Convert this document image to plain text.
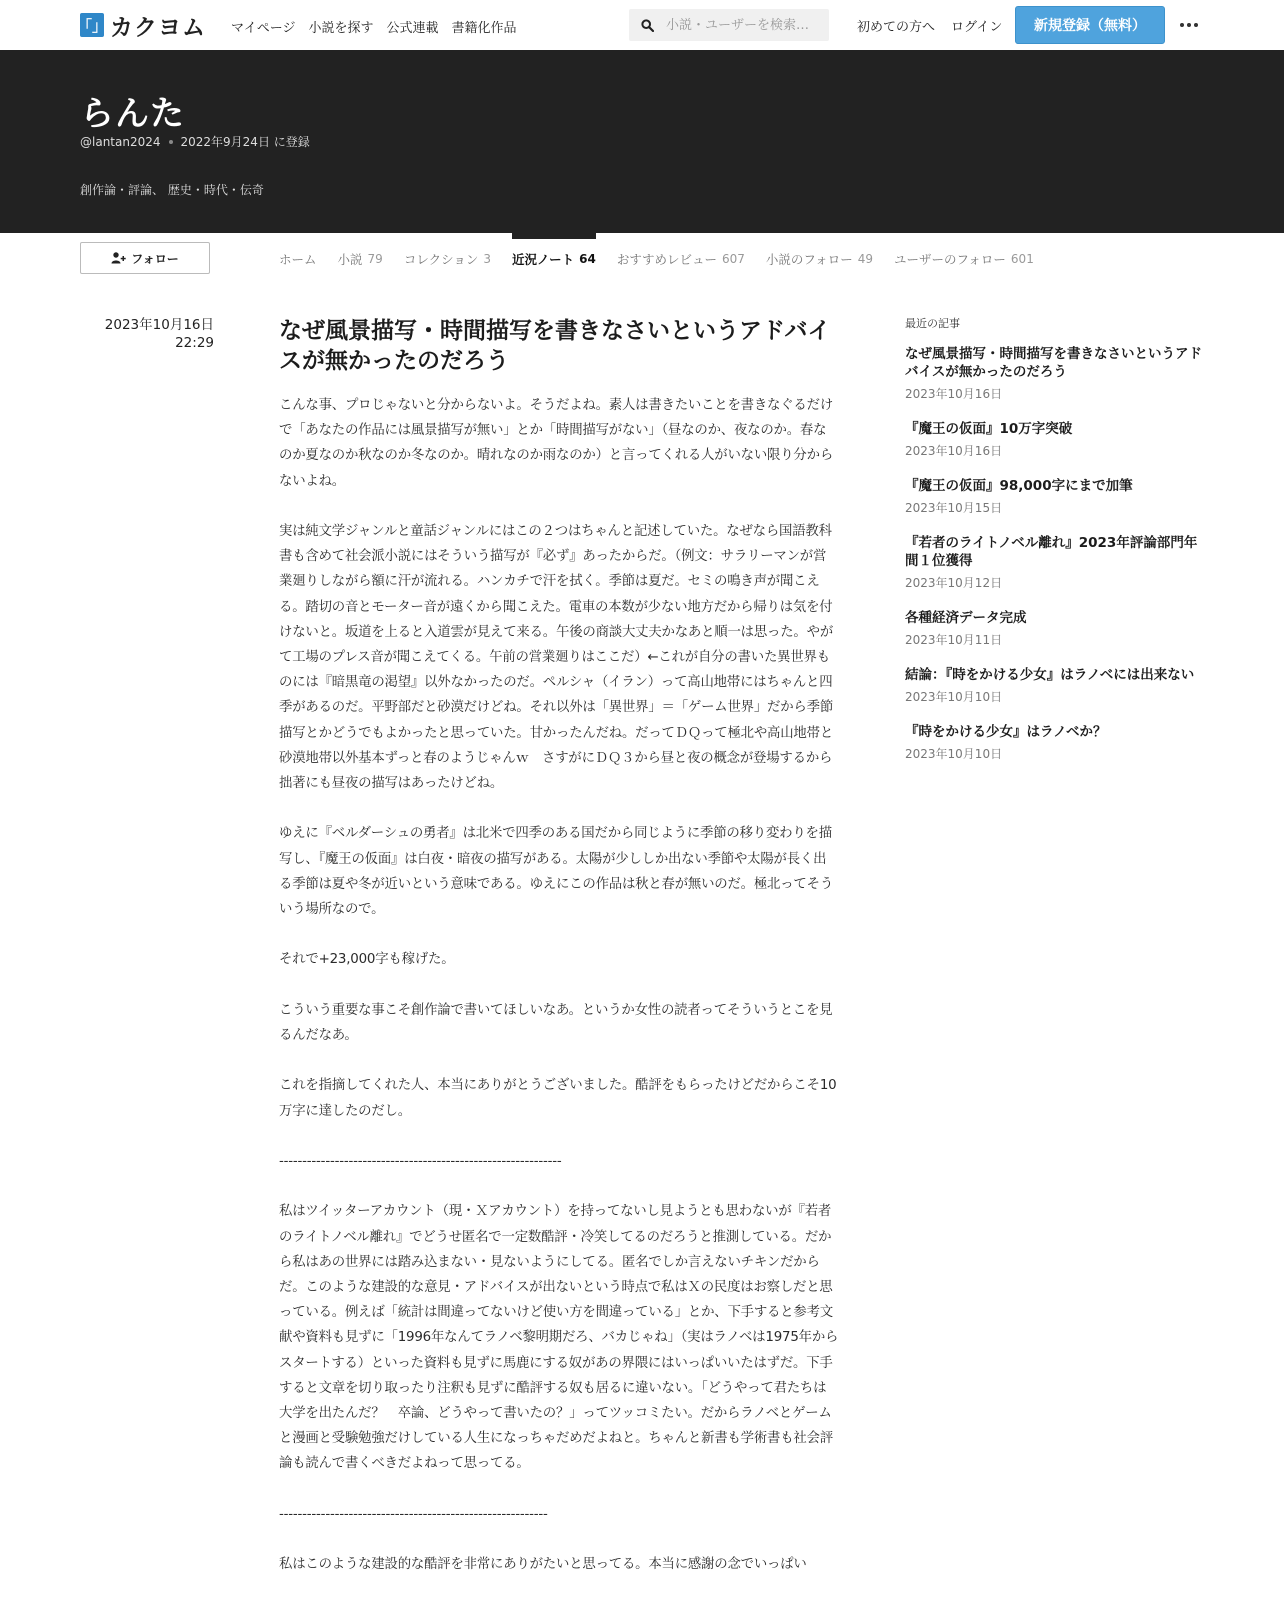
「」 カクヨム マイページ 小説を探す 公式連載 書籍化作品
小説・ユーザーを検索…	初めての方へ ログイン	新規登録（無料）
らんた
@lantan2024 2022年9月24日 に登録
創作論・評論、 歴史・時代・伝奇
フォロー	ホーム 小説 79 コレクション 3 近況ノート 64 おすすめレビュー 607 小説のフォロー 49 ユーザーのフォロー 601
2023年10月16日
22:29	なぜ風景描写・時間描写を書きなさいというアドバイスが無かったのだろう

こんな事、プロじゃないと分からないよ。そうだよね。素人は書きたいことを書きなぐるだけで「あなたの作品には風景描写が無い」とか「時間描写がない」（昼なのか、夜なのか。春なのか夏なのか秋なのか冬なのか。晴れなのか雨なのか）と言ってくれる人がいない限り分からないよね。

実は純文学ジャンルと童話ジャンルにはこの２つはちゃんと記述していた。なぜなら国語教科書も含めて社会派小説にはそういう描写が『必ず』あったからだ。（例文：サラリーマンが営業廻りしながら額に汗が流れる。ハンカチで汗を拭く。季節は夏だ。セミの鳴き声が聞こえる。踏切の音とモーター音が遠くから聞こえた。電車の本数が少ない地方だから帰りは気を付けないと。坂道を上ると入道雲が見えて来る。午後の商談大丈夫かなあと順一は思った。やがて工場のプレス音が聞こえてくる。午前の営業廻りはここだ）←これが自分の書いた異世界ものには『暗黒竜の渇望』以外なかったのだ。ペルシャ（イラン）って高山地帯にはちゃんと四季があるのだ。平野部だと砂漠だけどね。それ以外は「異世界」＝「ゲーム世界」だから季節描写とかどうでもよかったと思っていた。甘かったんだね。だってＤＱって極北や高山地帯と砂漠地帯以外基本ずっと春のようじゃんｗ　さすがにＤＱ３から昼と夜の概念が登場するから拙著にも昼夜の描写はあったけどね。

ゆえに『ベルダーシュの勇者』は北米で四季のある国だから同じように季節の移り変わりを描写し、『魔王の仮面』は白夜・暗夜の描写がある。太陽が少ししか出ない季節や太陽が長く出る季節は夏や冬が近いという意味である。ゆえにこの作品は秋と春が無いのだ。極北ってそういう場所なので。

それで+23,000字も稼げた。

こういう重要な事こそ創作論で書いてほしいなあ。というか女性の読者ってそういうとこを見るんだなあ。

これを指摘してくれた人、本当にありがとうございました。酷評をもらったけどだからこそ10万字に達したのだし。

-------------------------------------------------------------

私はツイッターアカウント（現・Ｘアカウント）を持ってないし見ようとも思わないが『若者のライトノベル離れ』でどうせ匿名で一定数酷評・冷笑してるのだろうと推測している。だから私はあの世界には踏み込まない・見ないようにしてる。匿名でしか言えないチキンだからだ。このような建設的な意見・アドバイスが出ないという時点で私はＸの民度はお察しだと思っている。例えば「統計は間違ってないけど使い方を間違っている」とか、下手すると参考文献や資料も見ずに「1996年なんてラノベ黎明期だろ、バカじゃね」（実はラノベは1975年からスタートする）といった資料も見ずに馬鹿にする奴があの界隈にはいっぱいいたはずだ。下手すると文章を切り取ったり注釈も見ずに酷評する奴も居るに違いない。「どうやって君たちは大学を出たんだ？　卒論、どうやって書いたの？」ってツッコミたい。だからラノベとゲームと漫画と受験勉強だけしている人生になっちゃだめだよねと。ちゃんと新書も学術書も社会評論も読んで書くべきだよねって思ってる。

----------------------------------------------------------

私はこのような建設的な酷評を非常にありがたいと思ってる。本当に感謝の念でいっぱい

最近の記事
なぜ風景描写・時間描写を書きなさいというアドバイスが無かったのだろう
2023年10月16日
『魔王の仮面』10万字突破
2023年10月16日
『魔王の仮面』98,000字にまで加筆
2023年10月15日
『若者のライトノベル離れ』2023年評論部門年間１位獲得
2023年10月12日
各種経済データ完成
2023年10月11日
結論：『時をかける少女』はラノベには出来ない
2023年10月10日
『時をかける少女』はラノベか？
2023年10月10日
